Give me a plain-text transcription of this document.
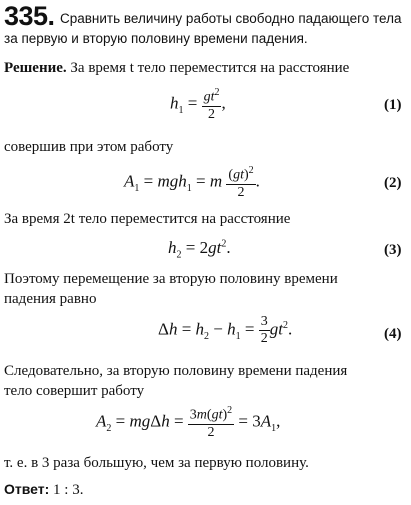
335. Сравнить величину работы свободно падающего тела
за первую и вторую половину времени падения.
Решение. За время t тело переместится на расстояние
$h_1 = \frac{gt^2}{2}$ ,	(1)
совершив при этом работу
$A_1 = mgh_1 = m \frac{(gt)^2}{2}$ .	(2)
За время 2t тело переместится на расстояние
$h_2 = 2gt^2$.	(3)
Поэтому перемещение за вторую половину времени
падения равно
$\Delta h = h_2 - h_1 = \frac{3}{2} gt^2$.	(4)
Следовательно, за вторую половину времени падения
тело совершит работу
$A_2 = mg\Delta h = \frac{3m(gt)^2}{2} = 3A_1$,
т. е. в 3 раза большую, чем за первую половину.
Ответ: 1 : 3.
